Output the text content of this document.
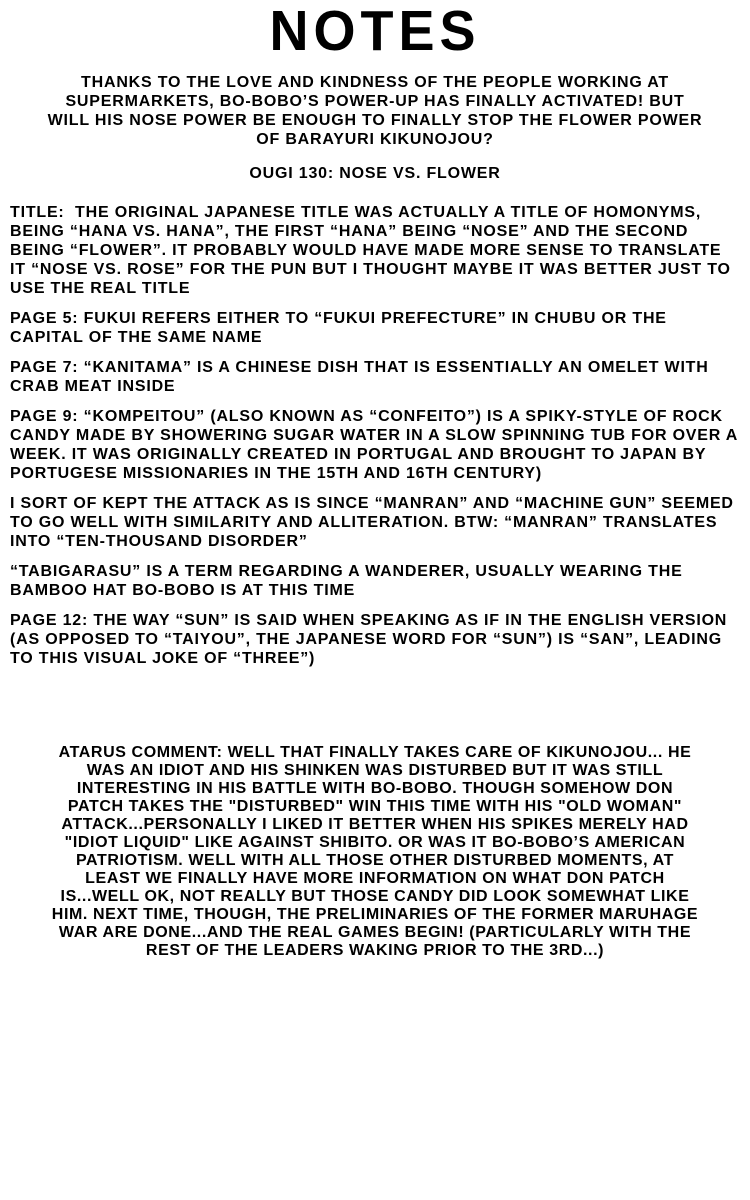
NOTES

THANKS TO THE LOVE AND KINDNESS OF THE PEOPLE WORKING AT SUPERMARKETS, BO-BOBO’S POWER-UP HAS FINALLY ACTIVATED! BUT WILL HIS NOSE POWER BE ENOUGH TO FINALLY STOP THE FLOWER POWER OF BARAYURI KIKUNOJOU?

OUGI 130: NOSE VS. FLOWER

TITLE:  THE ORIGINAL JAPANESE TITLE WAS ACTUALLY A TITLE OF HOMONYMS, BEING “HANA VS. HANA”, THE FIRST “HANA” BEING “NOSE” AND THE SECOND BEING “FLOWER”. IT PROBABLY WOULD HAVE MADE MORE SENSE TO TRANSLATE IT “NOSE VS. ROSE” FOR THE PUN BUT I THOUGHT MAYBE IT WAS BETTER JUST TO USE THE REAL TITLE

PAGE 5: FUKUI REFERS EITHER TO “FUKUI PREFECTURE” IN CHUBU OR THE CAPITAL OF THE SAME NAME

PAGE 7: “KANITAMA” IS A CHINESE DISH THAT IS ESSENTIALLY AN OMELET WITH CRAB MEAT INSIDE

PAGE 9: “KOMPEITOU” (ALSO KNOWN AS “CONFEITO”) IS A SPIKY-STYLE OF ROCK CANDY MADE BY SHOWERING SUGAR WATER IN A SLOW SPINNING TUB FOR OVER A WEEK. IT WAS ORIGINALLY CREATED IN PORTUGAL AND BROUGHT TO JAPAN BY PORTUGESE MISSIONARIES IN THE 15TH AND 16TH CENTURY)

I SORT OF KEPT THE ATTACK AS IS SINCE “MANRAN” AND “MACHINE GUN” SEEMED TO GO WELL WITH SIMILARITY AND ALLITERATION. BTW: “MANRAN” TRANSLATES INTO “TEN-THOUSAND DISORDER”

“TABIGARASU” IS A TERM REGARDING A WANDERER, USUALLY WEARING THE BAMBOO HAT BO-BOBO IS AT THIS TIME

PAGE 12: THE WAY “SUN” IS SAID WHEN SPEAKING AS IF IN THE ENGLISH VERSION (AS OPPOSED TO “TAIYOU”, THE JAPANESE WORD FOR “SUN”) IS “SAN”, LEADING TO THIS VISUAL JOKE OF “THREE”)

ATARUS COMMENT: WELL THAT FINALLY TAKES CARE OF KIKUNOJOU... HE WAS AN IDIOT AND HIS SHINKEN WAS DISTURBED BUT IT WAS STILL INTERESTING IN HIS BATTLE WITH BO-BOBO. THOUGH SOMEHOW DON PATCH TAKES THE "DISTURBED" WIN THIS TIME WITH HIS "OLD WOMAN" ATTACK...PERSONALLY I LIKED IT BETTER WHEN HIS SPIKES MERELY HAD "IDIOT LIQUID" LIKE AGAINST SHIBITO. OR WAS IT BO-BOBO’S AMERICAN PATRIOTISM. WELL WITH ALL THOSE OTHER DISTURBED MOMENTS, AT LEAST WE FINALLY HAVE MORE INFORMATION ON WHAT DON PATCH IS...WELL OK, NOT REALLY BUT THOSE CANDY DID LOOK SOMEWHAT LIKE HIM. NEXT TIME, THOUGH, THE PRELIMINARIES OF THE FORMER MARUHAGE WAR ARE DONE...AND THE REAL GAMES BEGIN! (PARTICULARLY WITH THE REST OF THE LEADERS WAKING PRIOR TO THE 3RD...)
